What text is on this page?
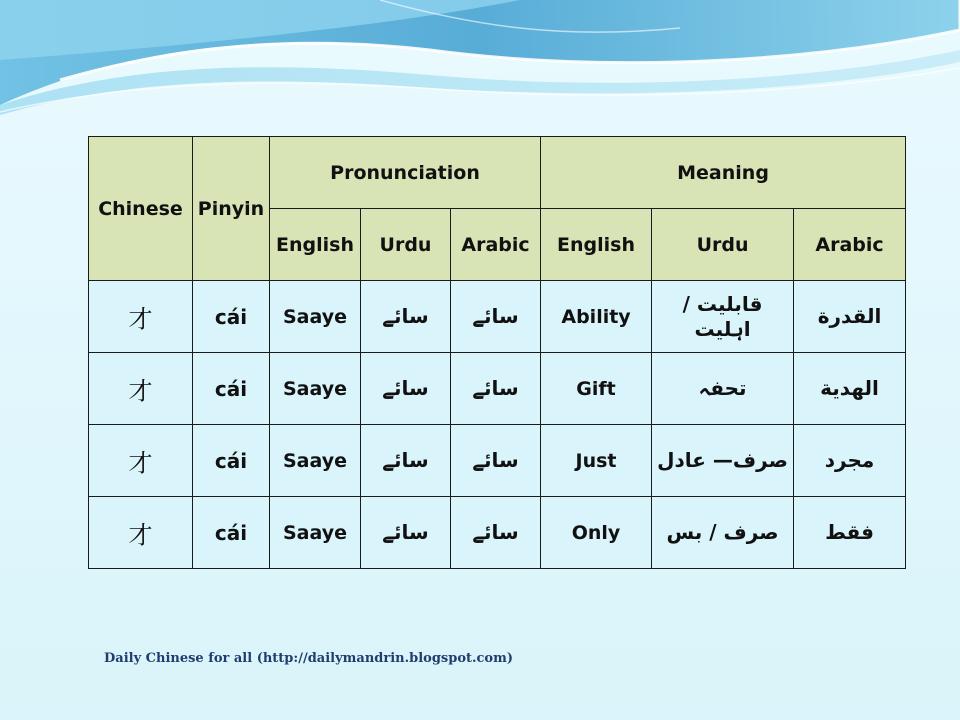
Chinese	Pinyin	Pronunciation			Meaning		
		English	Urdu	Arabic	English	Urdu	Arabic
才	cái	Saaye	سائے	سائے	Ability	قابلیت / اہلیت	القدرة
才	cái	Saaye	سائے	سائے	Gift	تحفہ	الهدية
才	cái	Saaye	سائے	سائے	Just	صرف— عادل	مجرد
才	cái	Saaye	سائے	سائے	Only	صرف / بس	فقط
Daily Chinese for all (http://dailymandrin.blogspot.com)
